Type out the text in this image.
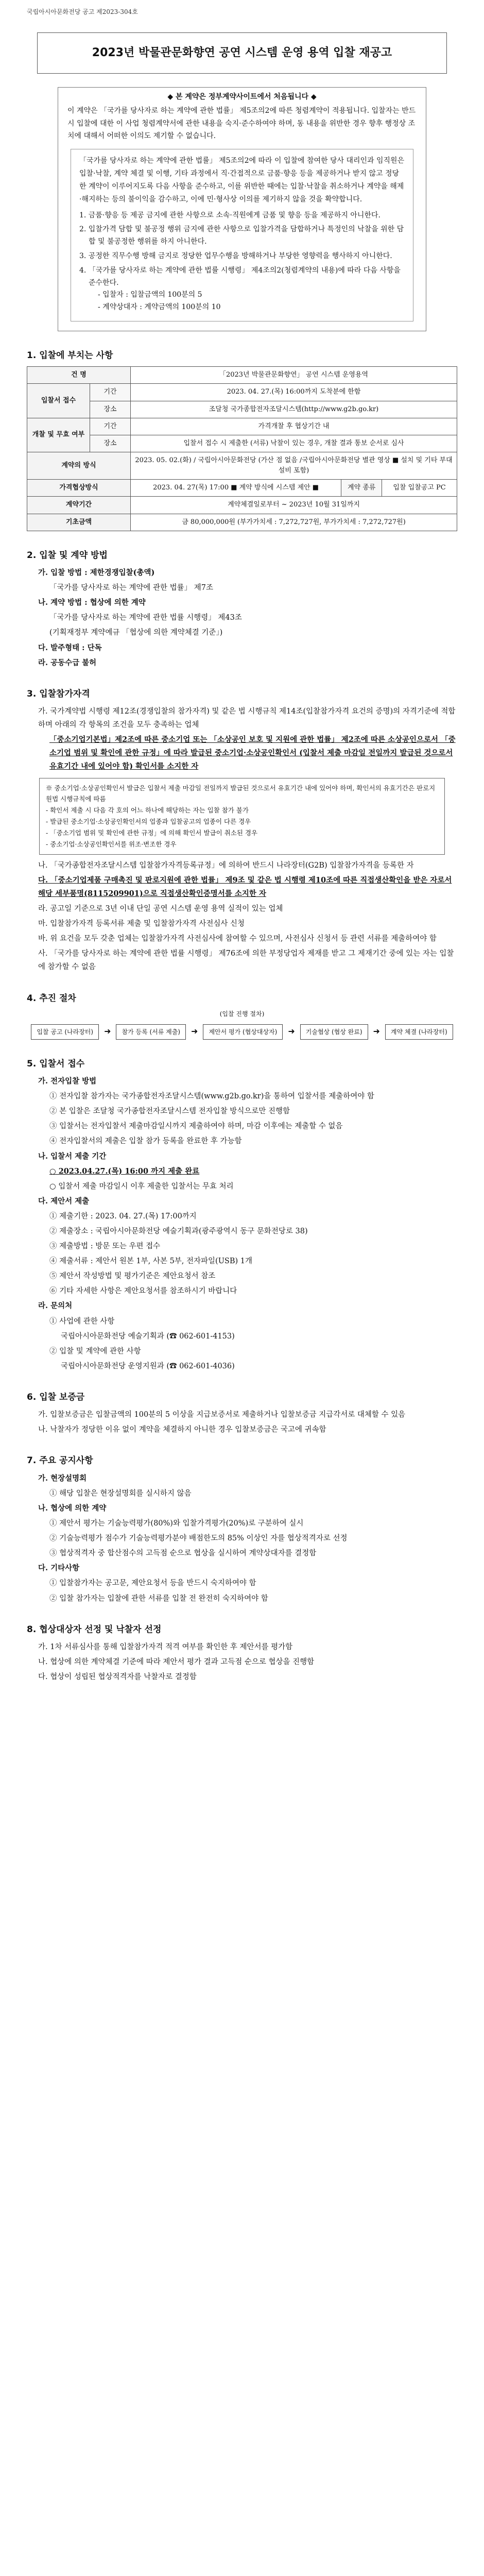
국립아시아문화전당 공고 제2023-304호
2023년 박물관문화향연 공연 시스템 운영 용역 입찰 재공고
◆ 본 계약은 정부계약사이트에서 처음됩니다 ◆

이 계약은 「국가를 당사자로 하는 계약에 관한 법률」 제5조의2에 따른 청렴계약이 적용됩니다. 입찰자는 반드시 입찰에 대한 이 사업 청렴계약서에 관한 내용을 숙지·준수하여야 하며, 동 내용을 위반한 경우 향후 행정상 조치에 대해서 어떠한 이의도 제기할 수 없습니다.

「국가를 당사자로 하는 계약에 관한 법률」 제5조의2에 따라 이 입찰에 참여한 당사 대리인과 임직원은 입찰·낙찰, 계약 체결 및 이행, 기타 과정에서 직·간접적으로 금품·향응 등을 제공하거나 받지 않고 정당한 계약이 이루어지도록 다음 사항을 준수하고, 이를 위반한 때에는 입찰·낙찰을 취소하거나 계약을 해제·해지하는 등의 불이익을 감수하고, 이에 민·형사상 이의를 제기하지 않을 것을 확약합니다.

1. 금품·향응 등 제공 금지에 관한 사항으로 소속·직원에게 금품 및 향응 등을 제공하지 아니한다.
2. 입찰가격 담합 및 불공정 행위 금지에 관한 사항으로 입찰가격을 담합하거나 특정인의 낙찰을 위한 담합 및 불공정한 행위를 하지 아니한다.
3. 공정한 직무수행 방해 금지로 정당한 업무수행을 방해하거나 부당한 영향력을 행사하지 아니한다.
4. 「국가를 당사자로 하는 계약에 관한 법률 시행령」 제4조의2(청렴계약의 내용)에 따라 다음 사항을 준수한다.
- 입찰자 : 입찰금액의 100분의 5
- 계약상대자 : 계약금액의 100분의 10
1. 입찰에 부치는 사항
건 명		「2023년 박물관문화향연」 공연 시스템 운영용역		
입찰서 접수	기간	2023. 04. 27.(목) 16:00까지 도착분에 한함		
	장소	조달청 국가종합전자조달시스템(http://www.g2b.go.kr)		
개찰 및 무효 여부	기간	가격개찰 후 협상기간 내		
	장소	입찰서 접수 시 제출한 (서류) 낙찰이 있는 경우, 개찰 결과 통보 순서로 심사		
계약의 방식		2023. 05. 02.(화) / 국립아시아문화전당 (가산 점 없음 /국립아시아문화전당 별관 영상 ■ 설치 및 기타 부대설비 포함)		
가격협상방식		2023. 04. 27(목) 17:00 ■ 계약 방식에 시스템 제안 ■	계약 종류	입찰 입찰공고 PC
계약기간		계약체결일로부터 ~ 2023년 10월 31일까지		
기초금액		금 80,000,000원 (부가가치세 : 7,272,727원, 부가가치세 : 7,272,727원)		
2. 입찰 및 계약 방법
가. 입찰 방법 : 제한경쟁입찰(총액)
「국가를 당사자로 하는 계약에 관한 법률」 제7조
나. 계약 방법 : 협상에 의한 계약
「국가를 당사자로 하는 계약에 관한 법률 시행령」 제43조
(기획재정부 계약예규 「협상에 의한 계약체결 기준」)
다. 발주형태 : 단독
라. 공동수급 불허
3. 입찰참가자격
가. 국가계약법 시행령 제12조(경쟁입찰의 참가자격) 및 같은 법 시행규칙 제14조(입찰참가자격 요건의 증명)의 자격기준에 적합하며 아래의 각 항목의 조건을 모두 충족하는 업체
「중소기업기본법」제2조에 따른 중소기업 또는 「소상공인 보호 및 지원에 관한 법률」 제2조에 따른 소상공인으로서 「중소기업 범위 및 확인에 관한 규정」에 따라 발급된 중소기업·소상공인확인서 (입찰서 제출 마감일 전일까지 발급된 것으로서 유효기간 내에 있어야 함) 확인서를 소지한 자
※ 중소기업·소상공인확인서 발급은 입찰서 제출 마감일 전일까지 발급된 것으로서 유효기간 내에 있어야 하며, 확인서의 유효기간은 판로지원법 시행규칙에 따름
- 확인서 제출 시 다음 각 호의 어느 하나에 해당하는 자는 입찰 참가 불가
- 발급된 중소기업·소상공인확인서의 업종과 입찰공고의 업종이 다른 경우
- 「중소기업 범위 및 확인에 관한 규정」에 의해 확인서 발급이 취소된 경우
- 중소기업·소상공인확인서를 위조·변조한 경우
나. 「국가종합전자조달시스템 입찰참가자격등록규정」에 의하여 반드시 나라장터(G2B) 입찰참가자격을 등록한 자
다. 「중소기업제품 구매촉진 및 판로지원에 관한 법률」 제9조 및 같은 법 시행령 제10조에 따른 직접생산확인을 받은 자로서 해당 세부품명(8115209901)으로 직접생산확인증명서를 소지한 자
라. 공고일 기준으로 3년 이내 단일 공연 시스템 운영 용역 실적이 있는 업체
마. 입찰참가자격 등록서류 제출 및 입찰참가자격 사전심사 신청
바. 위 요건을 모두 갖춘 업체는 입찰참가자격 사전심사에 참여할 수 있으며, 사전심사 신청서 등 관련 서류를 제출하여야 함
사. 「국가를 당사자로 하는 계약에 관한 법률 시행령」 제76조에 의한 부정당업자 제재를 받고 그 제재기간 중에 있는 자는 입찰에 참가할 수 없음
4. 추진 절차
(입찰 진행 절차)
입찰 공고 (나라장터)	➜	참가 등록 (서류 제출)	➜	제안서 평가 (협상대상자)	➜	기술협상 (협상 완료)	➜	계약 체결 (나라장터)
5. 입찰서 접수
가. 전자입찰 방법
① 전자입찰 참가자는 국가종합전자조달시스템(www.g2b.go.kr)을 통하여 입찰서를 제출하여야 함
② 본 입찰은 조달청 국가종합전자조달시스템 전자입찰 방식으로만 진행함
③ 입찰서는 전자입찰서 제출마감일시까지 제출하여야 하며, 마감 이후에는 제출할 수 없음
④ 전자입찰서의 제출은 입찰 참가 등록을 완료한 후 가능함
나. 입찰서 제출 기간
○ 2023.04.27.(목) 16:00 까지 제출 완료
○ 입찰서 제출 마감일시 이후 제출한 입찰서는 무효 처리
다. 제안서 제출
① 제출기한 : 2023. 04. 27.(목) 17:00까지
② 제출장소 : 국립아시아문화전당 예술기획과(광주광역시 동구 문화전당로 38)
③ 제출방법 : 방문 또는 우편 접수
④ 제출서류 : 제안서 원본 1부, 사본 5부, 전자파일(USB) 1개
⑤ 제안서 작성방법 및 평가기준은 제안요청서 참조
⑥ 기타 자세한 사항은 제안요청서를 참조하시기 바랍니다
라. 문의처
① 사업에 관한 사항
국립아시아문화전당 예술기획과 (☎ 062-601-4153)
② 입찰 및 계약에 관한 사항
국립아시아문화전당 운영지원과 (☎ 062-601-4036)
6. 입찰 보증금
가. 입찰보증금은 입찰금액의 100분의 5 이상을 지급보증서로 제출하거나 입찰보증금 지급각서로 대체할 수 있음
나. 낙찰자가 정당한 이유 없이 계약을 체결하지 아니한 경우 입찰보증금은 국고에 귀속함
7. 주요 공지사항
가. 현장설명회
① 해당 입찰은 현장설명회를 실시하지 않음
나. 협상에 의한 계약
① 제안서 평가는 기술능력평가(80%)와 입찰가격평가(20%)로 구분하여 실시
② 기술능력평가 점수가 기술능력평가분야 배점한도의 85% 이상인 자를 협상적격자로 선정
③ 협상적격자 중 합산점수의 고득점 순으로 협상을 실시하여 계약상대자를 결정함
다. 기타사항
① 입찰참가자는 공고문, 제안요청서 등을 반드시 숙지하여야 함
② 입찰 참가자는 입찰에 관한 서류를 입찰 전 완전히 숙지하여야 함
8. 협상대상자 선정 및 낙찰자 선정
가. 1차 서류심사를 통해 입찰참가자격 적격 여부를 확인한 후 제안서를 평가함
나. 협상에 의한 계약체결 기준에 따라 제안서 평가 결과 고득점 순으로 협상을 진행함
다. 협상이 성립된 협상적격자를 낙찰자로 결정함
